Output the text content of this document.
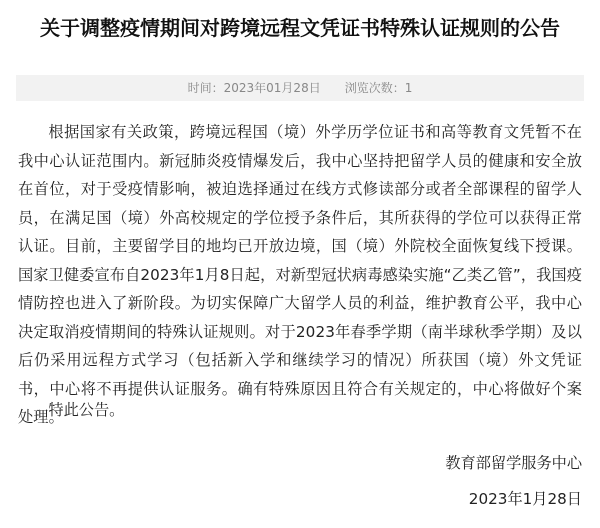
关于调整疫情期间对跨境远程文凭证书特殊认证规则的公告
时间：2023年01月28日 浏览次数：1

根据国家有关政策，跨境远程国（境）外学历学位证书和高等教育文凭暂不在我中心认证范围内。新冠肺炎疫情爆发后，我中心坚持把留学人员的健康和安全放在首位，对于受疫情影响，被迫选择通过在线方式修读部分或者全部课程的留学人员，在满足国（境）外高校规定的学位授予条件后，其所获得的学位可以获得正常认证。目前，主要留学目的地均已开放边境，国（境）外院校全面恢复线下授课。国家卫健委宣布自2023年1月8日起，对新型冠状病毒感染实施“乙类乙管”，我国疫情防控也进入了新阶段。为切实保障广大留学人员的利益，维护教育公平，我中心决定取消疫情期间的特殊认证规则。对于2023年春季学期（南半球秋季学期）及以后仍采用远程方式学习（包括新入学和继续学习的情况）所获国（境）外文凭证书，中心将不再提供认证服务。确有特殊原因且符合有关规定的，中心将做好个案处理。

特此公告。

教育部留学服务中心
2023年1月28日
